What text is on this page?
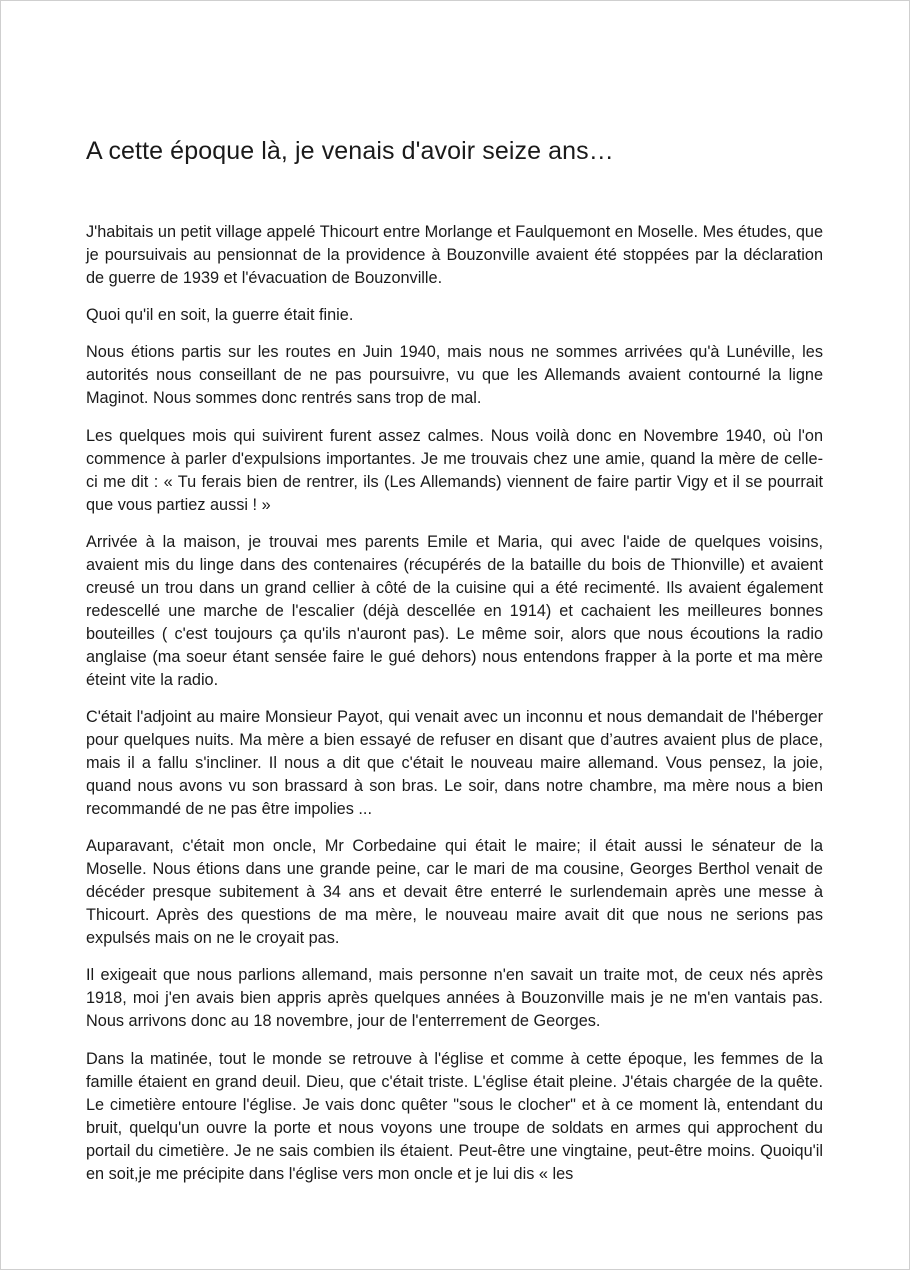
A cette époque là, je venais d'avoir seize ans…

J'habitais un petit village appelé Thicourt entre Morlange et Faulquemont en Moselle. Mes études, que je poursuivais au pensionnat de la providence à Bouzonville avaient été stoppées par la déclaration de guerre de 1939 et l'évacuation de Bouzonville.

Quoi qu'il en soit, la guerre était finie.

Nous étions partis sur les routes en Juin 1940, mais nous ne sommes arrivées qu'à Lunéville, les autorités nous conseillant de ne pas poursuivre, vu que les Allemands avaient contourné la ligne Maginot. Nous sommes donc rentrés sans trop de mal.

Les quelques mois qui suivirent furent assez calmes. Nous voilà donc en Novembre 1940, où l'on commence à parler d'expulsions importantes. Je me trouvais chez une amie, quand la mère de celle-ci me dit : « Tu ferais bien de rentrer, ils (Les Allemands) viennent de faire partir Vigy et il se pourrait que vous partiez aussi ! »

Arrivée à la maison, je trouvai mes parents Emile et Maria, qui avec l'aide de quelques voisins, avaient mis du linge dans des contenaires (récupérés de la bataille du bois de Thionville) et avaient creusé un trou dans un grand cellier à côté de la cuisine qui a été recimenté. Ils avaient également redescellé une marche de l'escalier (déjà descellée en 1914) et cachaient les meilleures bonnes bouteilles ( c'est toujours ça qu'ils n'auront pas). Le même soir, alors que nous écoutions la radio anglaise (ma soeur étant sensée faire le gué dehors) nous entendons frapper à la porte et ma mère éteint vite la radio.

C'était l'adjoint au maire Monsieur Payot, qui venait avec un inconnu et nous demandait de l'héberger pour quelques nuits. Ma mère a bien essayé de refuser en disant que d’autres avaient plus de place, mais il a fallu s'incliner. Il nous a dit que c'était le nouveau maire allemand. Vous pensez, la joie, quand nous avons vu son brassard à son bras. Le soir, dans notre chambre, ma mère nous a bien recommandé de ne pas être impolies ...

Auparavant, c'était mon oncle, Mr Corbedaine qui était le maire; il était aussi le sénateur de la Moselle. Nous étions dans une grande peine, car le mari de ma cousine, Georges Berthol venait de décéder presque subitement à 34 ans et devait être enterré le surlendemain après une messe à Thicourt. Après des questions de ma mère, le nouveau maire avait dit que nous ne serions pas expulsés mais on ne le croyait pas.

Il exigeait que nous parlions allemand, mais personne n'en savait un traite mot, de ceux nés après 1918, moi j'en avais bien appris après quelques années à Bouzonville mais je ne m'en vantais pas. Nous arrivons donc au 18 novembre, jour de l'enterrement de Georges.

Dans la matinée, tout le monde se retrouve à l'église et comme à cette époque, les femmes de la famille étaient en grand deuil. Dieu, que c'était triste. L'église était pleine. J'étais chargée de la quête. Le cimetière entoure l'église. Je vais donc quêter "sous le clocher" et à ce moment là, entendant du bruit, quelqu'un ouvre la porte et nous voyons une troupe de soldats en armes qui approchent du portail du cimetière. Je ne sais combien ils étaient. Peut-être une vingtaine, peut-être moins. Quoiqu'il en soit,je me précipite dans l'église vers mon oncle et je lui dis « les
